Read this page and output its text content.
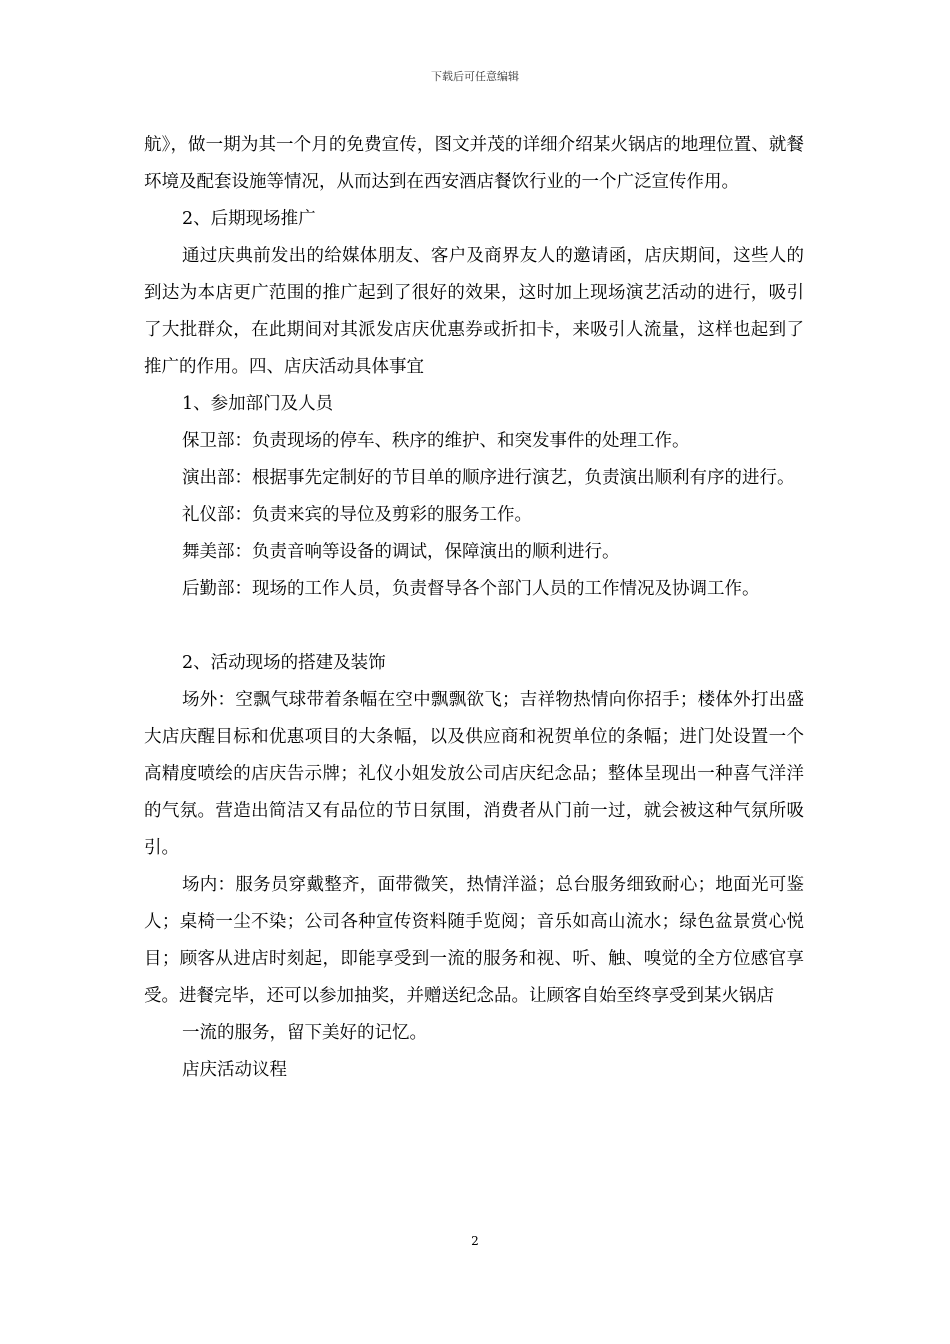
下载后可任意编辑

航》，做一期为其一个月的免费宣传，图文并茂的详细介绍某火锅店的地理位置、就餐环境及配套设施等情况，从而达到在西安酒店餐饮行业的一个广泛宣传作用。

2、后期现场推广

通过庆典前发出的给媒体朋友、客户及商界友人的邀请函，店庆期间，这些人的到达为本店更广范围的推广起到了很好的效果，这时加上现场演艺活动的进行，吸引了大批群众，在此期间对其派发店庆优惠券或折扣卡，来吸引人流量，这样也起到了推广的作用。四、店庆活动具体事宜

1、参加部门及人员

保卫部：负责现场的停车、秩序的维护、和突发事件的处理工作。

演出部：根据事先定制好的节目单的顺序进行演艺，负责演出顺利有序的进行。

礼仪部：负责来宾的导位及剪彩的服务工作。

舞美部：负责音响等设备的调试，保障演出的顺利进行。

后勤部：现场的工作人员，负责督导各个部门人员的工作情况及协调工作。

2、活动现场的搭建及装饰

场外：空飘气球带着条幅在空中飘飘欲飞；吉祥物热情向你招手；楼体外打出盛大店庆醒目标和优惠项目的大条幅，以及供应商和祝贺单位的条幅；进门处设置一个高精度喷绘的店庆告示牌；礼仪小姐发放公司店庆纪念品；整体呈现出一种喜气洋洋的气氛。营造出简洁又有品位的节日氛围，消费者从门前一过，就会被这种气氛所吸引。

场内：服务员穿戴整齐，面带微笑，热情洋溢；总台服务细致耐心；地面光可鉴人；桌椅一尘不染；公司各种宣传资料随手览阅；音乐如高山流水；绿色盆景赏心悦目；顾客从进店时刻起，即能享受到一流的服务和视、听、触、嗅觉的全方位感官享受。进餐完毕，还可以参加抽奖，并赠送纪念品。让顾客自始至终享受到某火锅店

一流的服务，留下美好的记忆。

店庆活动议程

2
